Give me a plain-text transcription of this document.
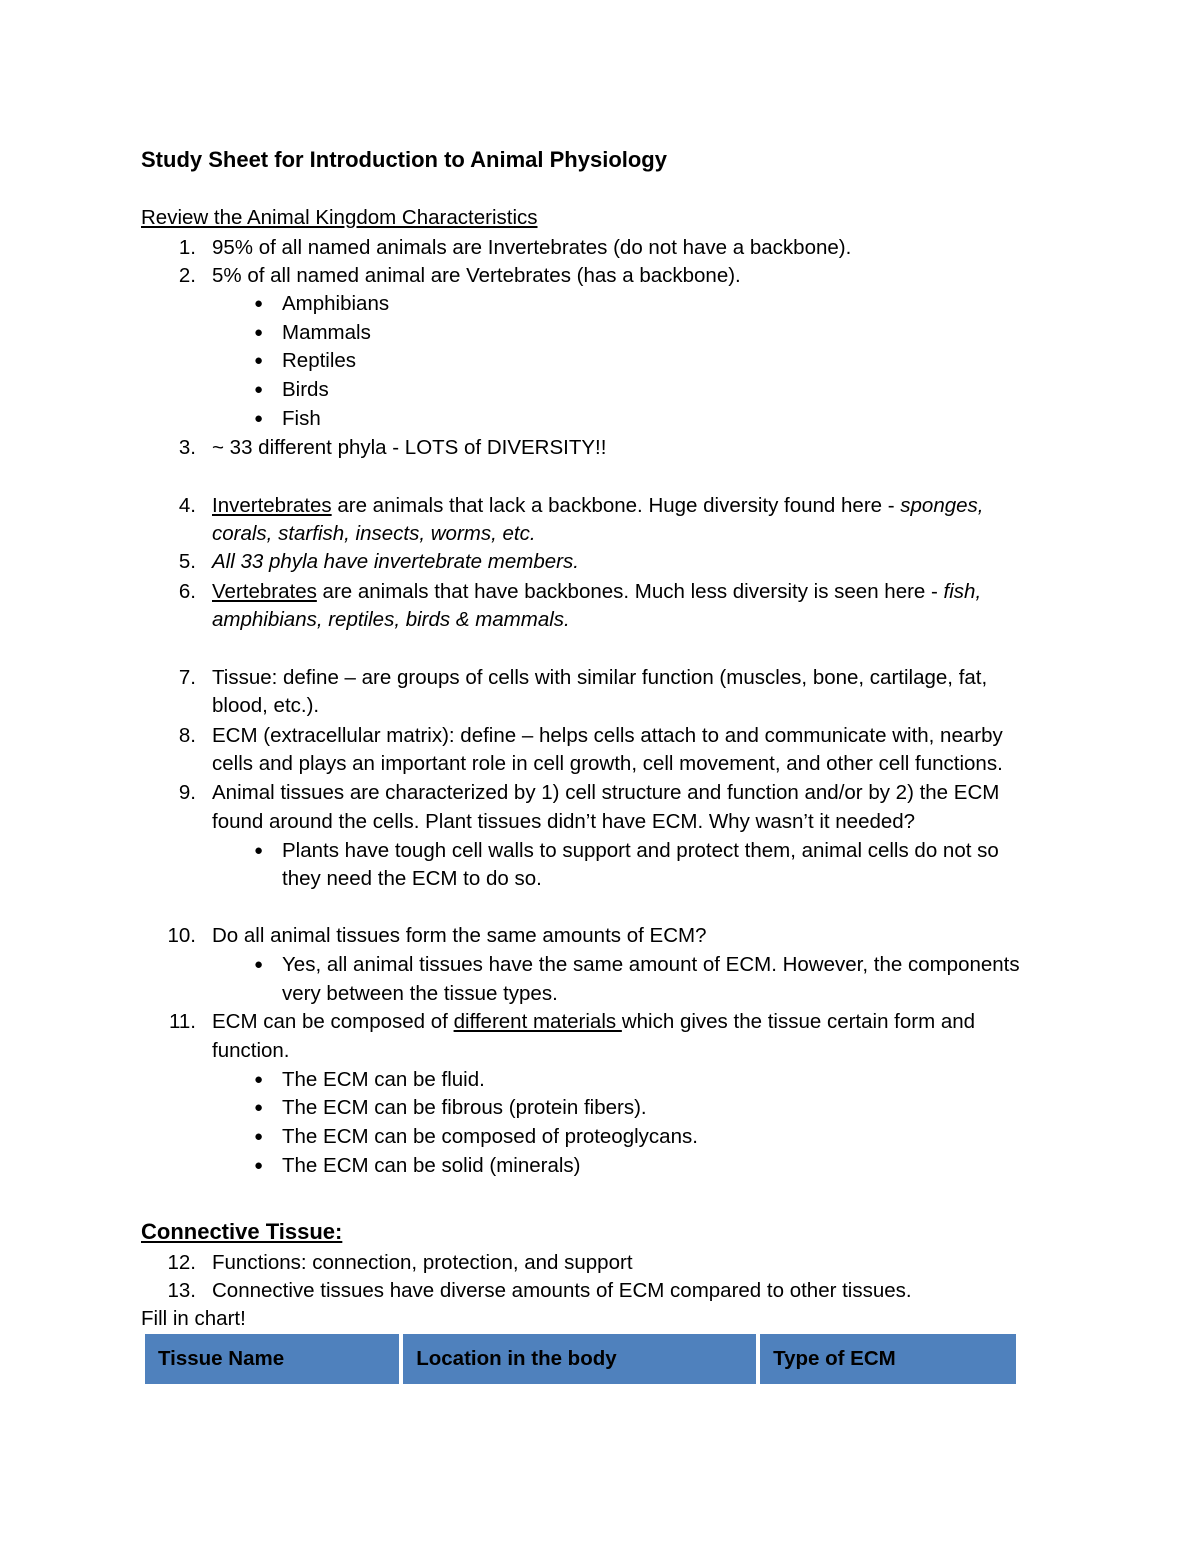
Study Sheet for Introduction to Animal Physiology
Review the Animal Kingdom Characteristics
1. 95% of all named animals are Invertebrates (do not have a backbone).
2. 5% of all named animal are Vertebrates (has a backbone).
● Amphibians
● Mammals
● Reptiles
● Birds
● Fish
3. ~ 33 different phyla - LOTS of DIVERSITY!!
4. Invertebrates are animals that lack a backbone. Huge diversity found here - sponges,
corals, starfish, insects, worms, etc.
5. All 33 phyla have invertebrate members.
6. Vertebrates are animals that have backbones. Much less diversity is seen here - fish,
amphibians, reptiles, birds & mammals.
7. Tissue: define – are groups of cells with similar function (muscles, bone, cartilage, fat,
blood, etc.).
8. ECM (extracellular matrix): define – helps cells attach to and communicate with, nearby
cells and plays an important role in cell growth, cell movement, and other cell functions.
9. Animal tissues are characterized by 1) cell structure and function and/or by 2) the ECM
found around the cells. Plant tissues didn’t have ECM. Why wasn’t it needed?
● Plants have tough cell walls to support and protect them, animal cells do not so
they need the ECM to do so.
10. Do all animal tissues form the same amounts of ECM?
● Yes, all animal tissues have the same amount of ECM. However, the components
very between the tissue types.
11. ECM can be composed of different materials which gives the tissue certain form and
function.
● The ECM can be fluid.
● The ECM can be fibrous (protein fibers).
● The ECM can be composed of proteoglycans.
● The ECM can be solid (minerals)
Connective Tissue:
12. Functions: connection, protection, and support
13. Connective tissues have diverse amounts of ECM compared to other tissues.
Fill in chart!
Tissue Name	Location in the body	Type of ECM
